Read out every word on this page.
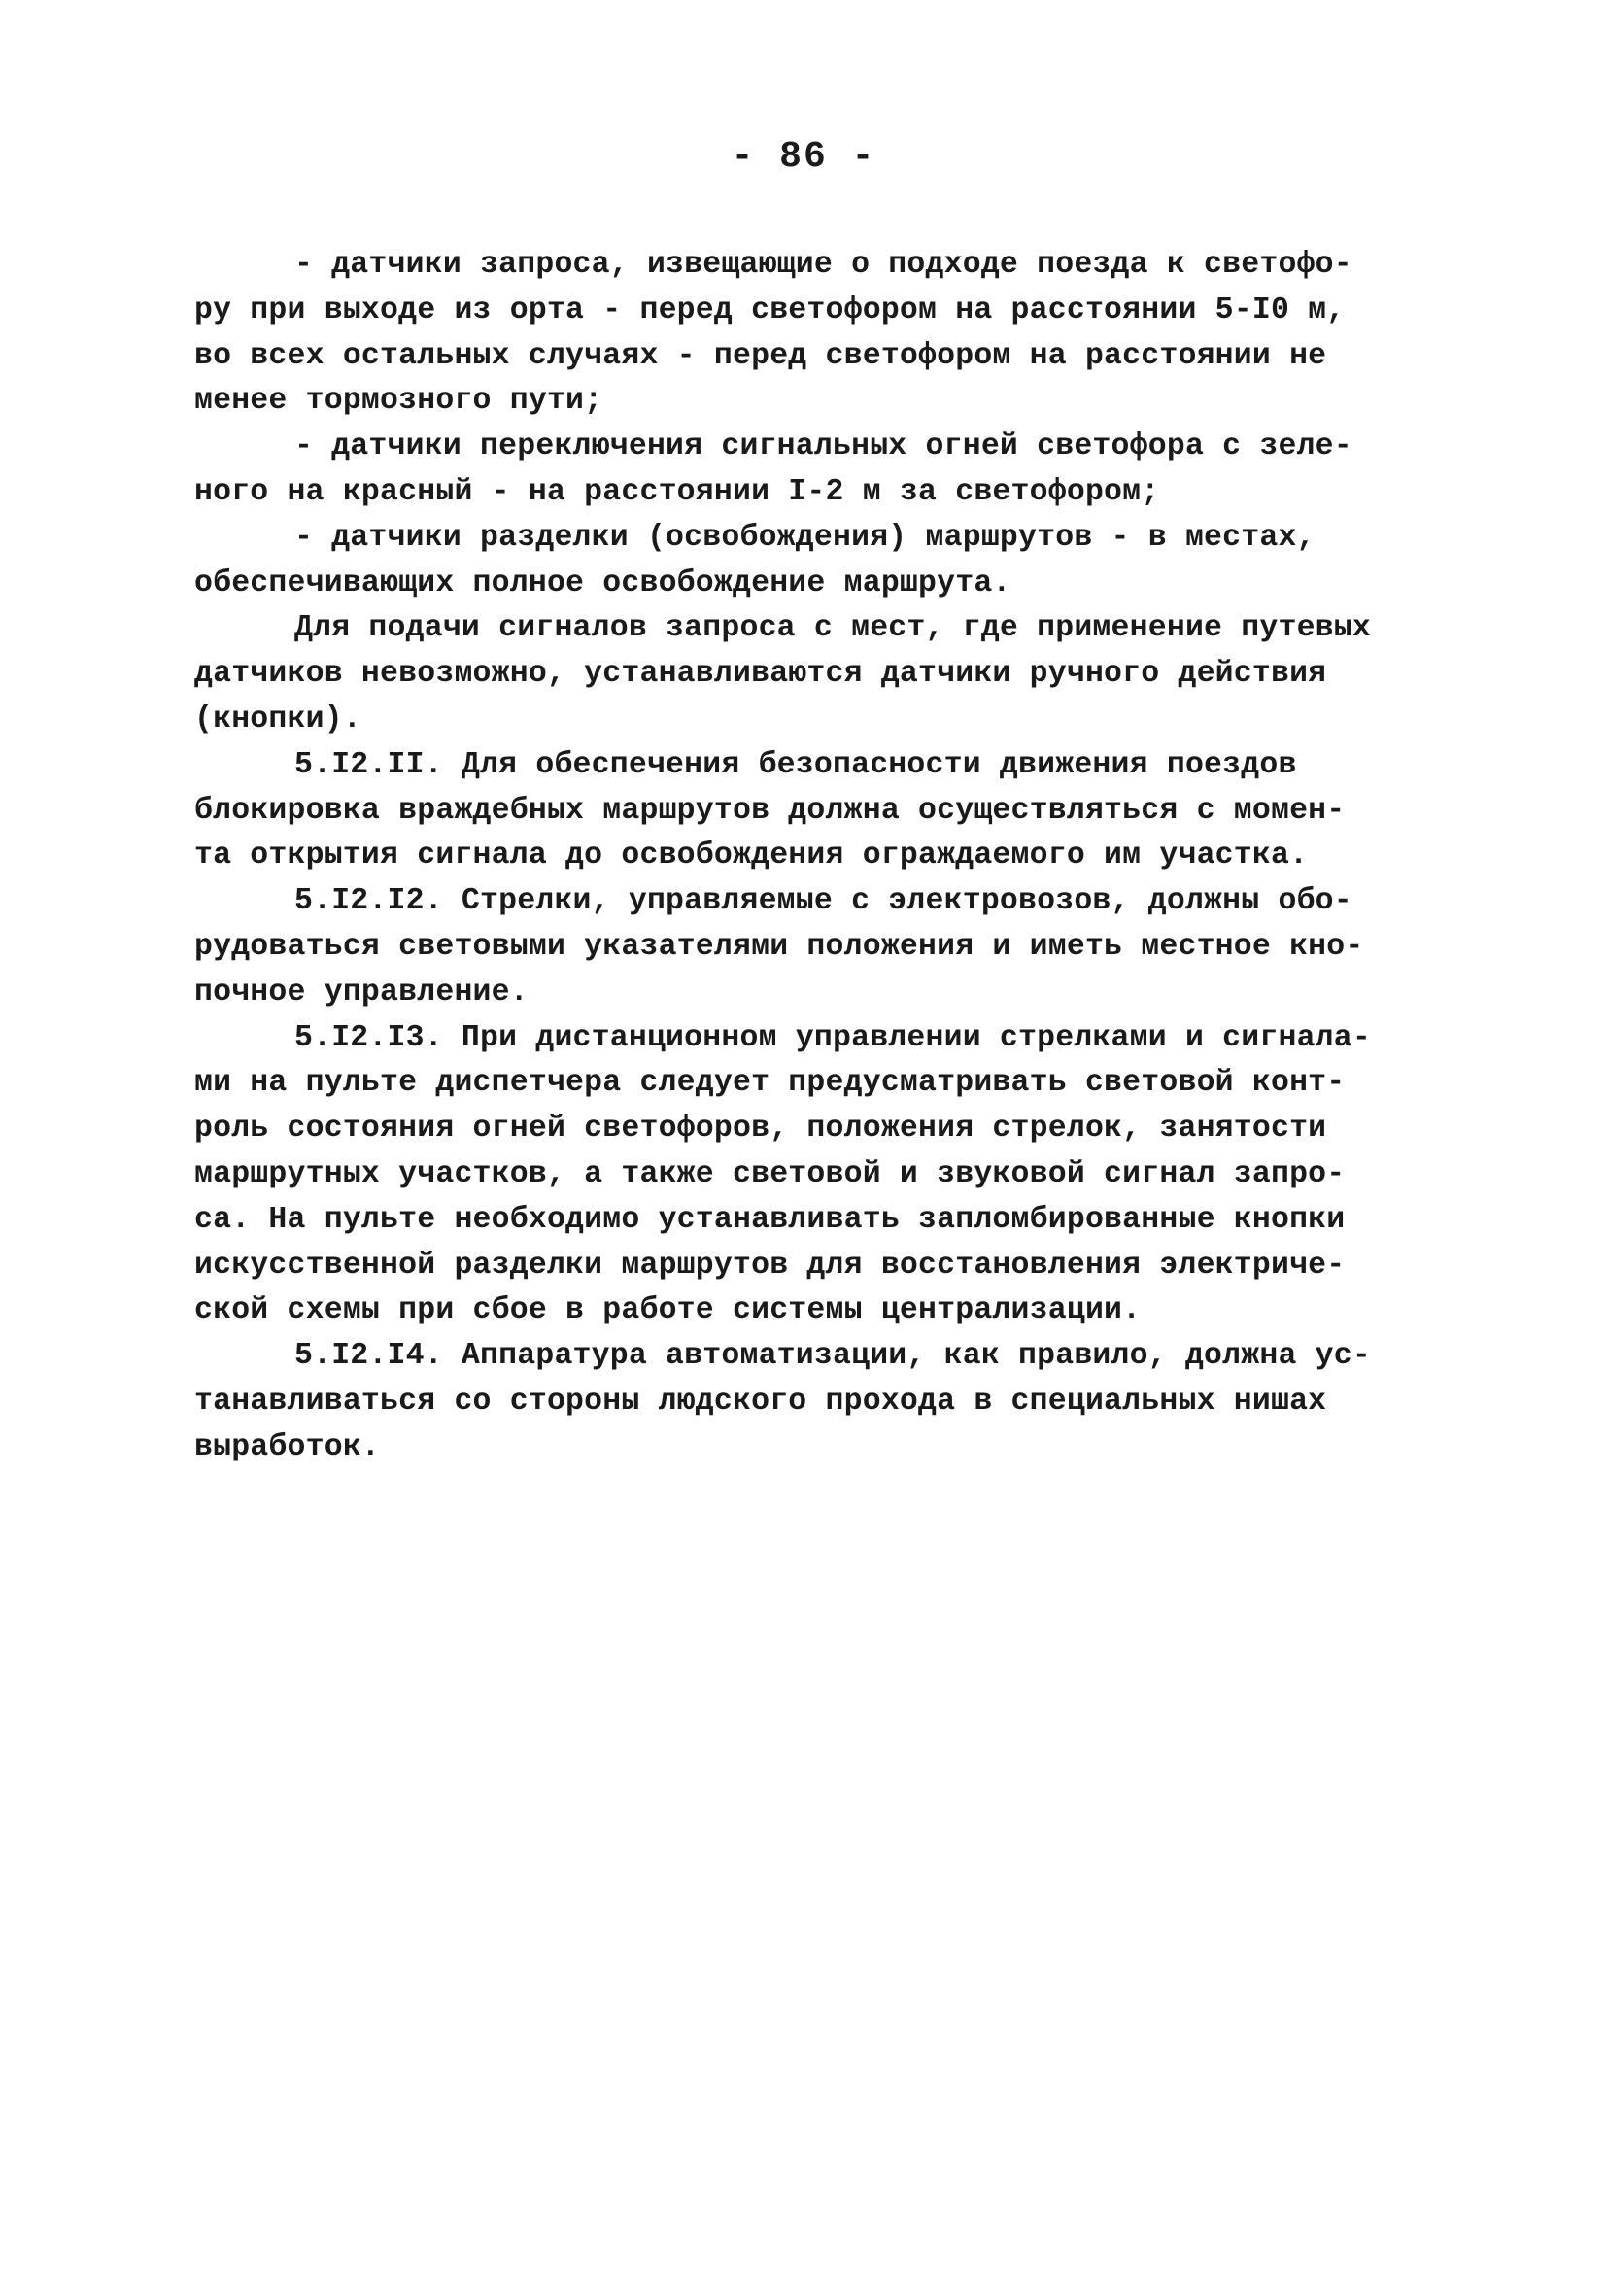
- 86 -
- датчики запроса, извещающие о подходе поезда к светофо-
ру при выходе из орта - перед светофором на расстоянии 5-I0 м,
во всех остальных случаях - перед светофором на расстоянии не
менее тормозного пути;
- датчики переключения сигнальных огней светофора с зеле-
ного на красный - на расстоянии I-2 м за светофором;
- датчики разделки (освобождения) маршрутов - в местах,
обеспечивающих полное освобождение маршрута.
Для подачи сигналов запроса с мест, где применение путевых
датчиков невозможно, устанавливаются датчики ручного действия
(кнопки).
5.I2.II. Для обеспечения безопасности движения поездов
блокировка враждебных маршрутов должна осуществляться с момен-
та открытия сигнала до освобождения ограждаемого им участка.
5.I2.I2. Стрелки, управляемые с электровозов, должны обо-
рудоваться световыми указателями положения и иметь местное кно-
почное управление.
5.I2.I3. При дистанционном управлении стрелками и сигнала-
ми на пульте диспетчера следует предусматривать световой конт-
роль состояния огней светофоров, положения стрелок, занятости
маршрутных участков, а также световой и звуковой сигнал запро-
са. На пульте необходимо устанавливать запломбированные кнопки
искусственной разделки маршрутов для восстановления электриче-
ской схемы при сбое в работе системы централизации.
5.I2.I4. Аппаратура автоматизации, как правило, должна ус-
танавливаться со стороны людского прохода в специальных нишах
выработок.
